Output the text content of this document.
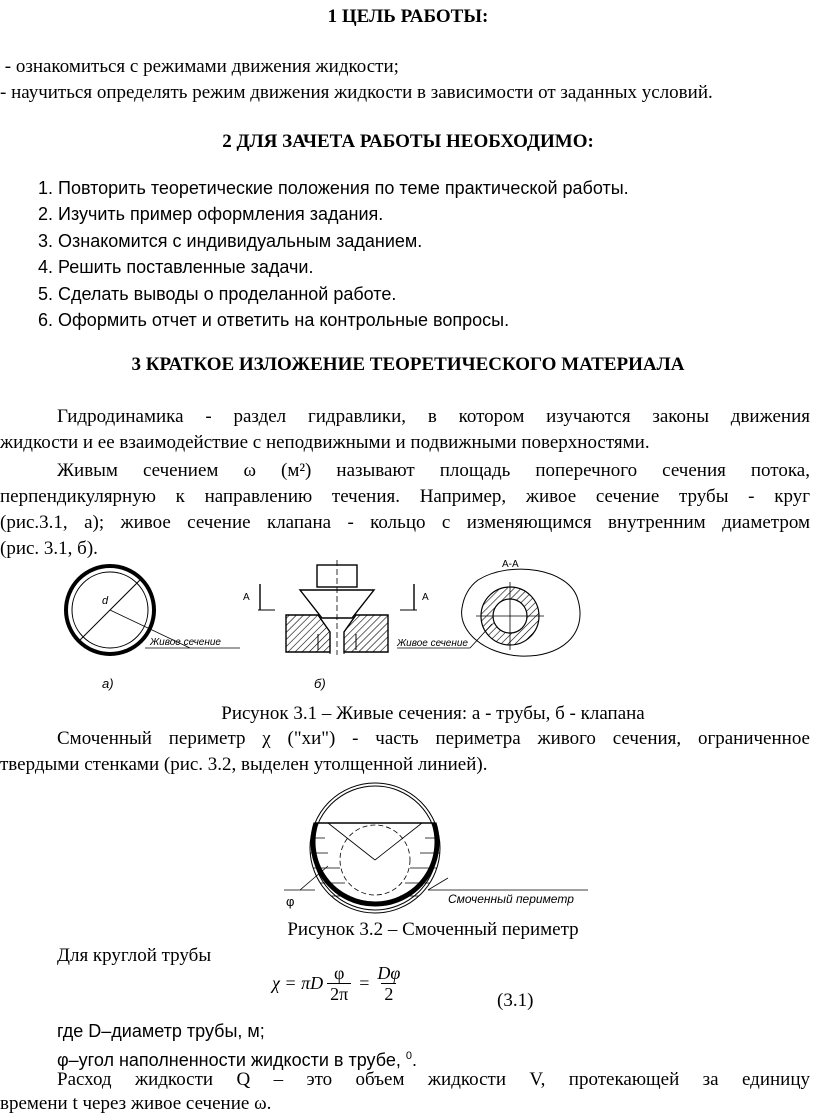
1 ЦЕЛЬ РАБОТЫ:
- ознакомиться с режимами движения жидкости;
- научиться определять режим движения жидкости в зависимости от заданных условий.
2 ДЛЯ ЗАЧЕТА РАБОТЫ НЕОБХОДИМО:
1. Повторить теоретические положения по теме практической работы.
2. Изучить пример оформления задания.
3. Ознакомится с индивидуальным заданием.
4. Решить поставленные задачи.
5. Сделать выводы о проделанной работе.
6. Оформить отчет и ответить на контрольные вопросы.
3 КРАТКОЕ ИЗЛОЖЕНИЕ ТЕОРЕТИЧЕСКОГО МАТЕРИАЛА
Гидродинамика - раздел гидравлики, в котором изучаются законы движения
жидкости и ее взаимодействие с неподвижными и подвижными поверхностями.
Живым сечением ω (м²) называют площадь поперечного сечения потока,
перпендикулярную к направлению течения. Например, живое сечение трубы - круг
(рис.3.1, а); живое сечение клапана - кольцо с изменяющимся внутренним диаметром
(рис. 3.1, б).
d
Живое сечение
а)
A	A
б)
А-А
Живое сечение
Рисунок 3.1 – Живые сечения: а - трубы, б - клапана
Смоченный периметр χ ("хи") - часть периметра живого сечения, ограниченное
твердыми стенками (рис. 3.2, выделен утолщенной линией).
φ	Смоченный периметр
Рисунок 3.2 – Смоченный периметр
Для круглой трубы
χ = πD $\frac{\varphi}{2\pi} = \frac{D\varphi}{2}$	(3.1)
где D–диаметр трубы, м;
φ–угол наполненности жидкости в трубе, $^0$.
Расход жидкости Q – это объем жидкости V, протекающей за единицу
времени t через живое сечение ω.
